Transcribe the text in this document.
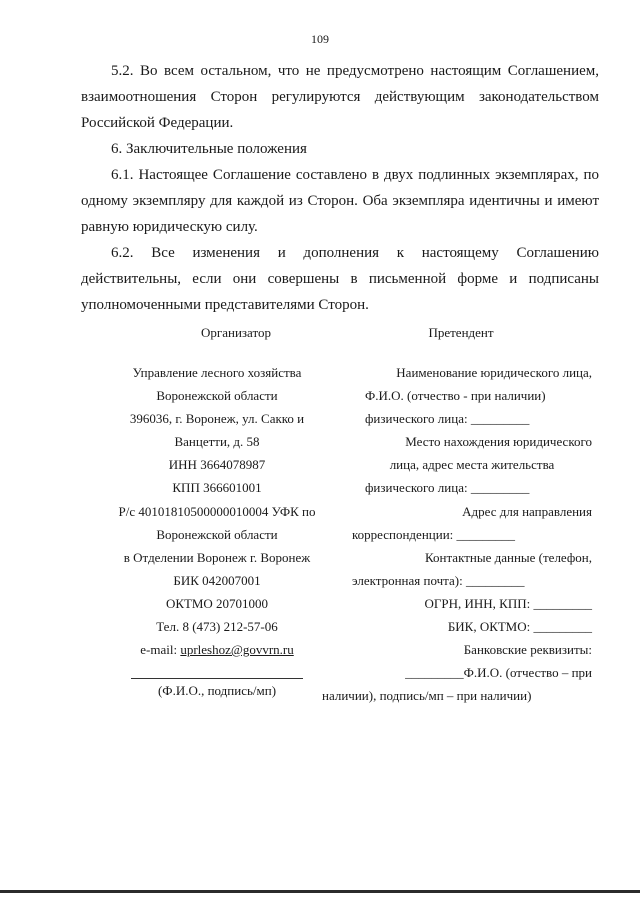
109

5.2. Во всем остальном, что не предусмотрено настоящим Соглашением, взаимоотношения Сторон регулируются действующим законодательством Российской Федерации.

6. Заключительные положения

6.1. Настоящее Соглашение составлено в двух подлинных экземплярах, по одному экземпляру для каждой из Сторон. Оба экземпляра идентичны и имеют равную юридическую силу.

6.2. Все изменения и дополнения к настоящему Соглашению действительны, если они совершены в письменной форме и подписаны уполномоченными представителями Сторон.

Организатор	Претендент
Управление лесного хозяйства
Воронежской области
396036, г. Воронеж, ул. Сакко и
Ванцетти, д. 58
ИНН 3664078987
КПП 366601001
Р/с 40101810500000010004 УФК по
Воронежской области
в Отделении Воронеж г. Воронеж
БИК 042007001
ОКТМО 20701000
Тел. 8 (473) 212-57-06
e-mail: uprleshoz@govvrn.ru
(Ф.И.О., подпись/мп)
Наименование юридического лица,
Ф.И.О. (отчество - при наличии)
физического лица: _________
Место нахождения юридического
лица, адрес места жительства
физического лица: _________
Адрес для направления
корреспонденции: _________
Контактные данные (телефон,
электронная почта): _________
ОГРН, ИНН, КПП: _________
БИК, ОКТМО: _________
Банковские реквизиты:
_________Ф.И.О. (отчество – при
наличии), подпись/мп – при наличии)
